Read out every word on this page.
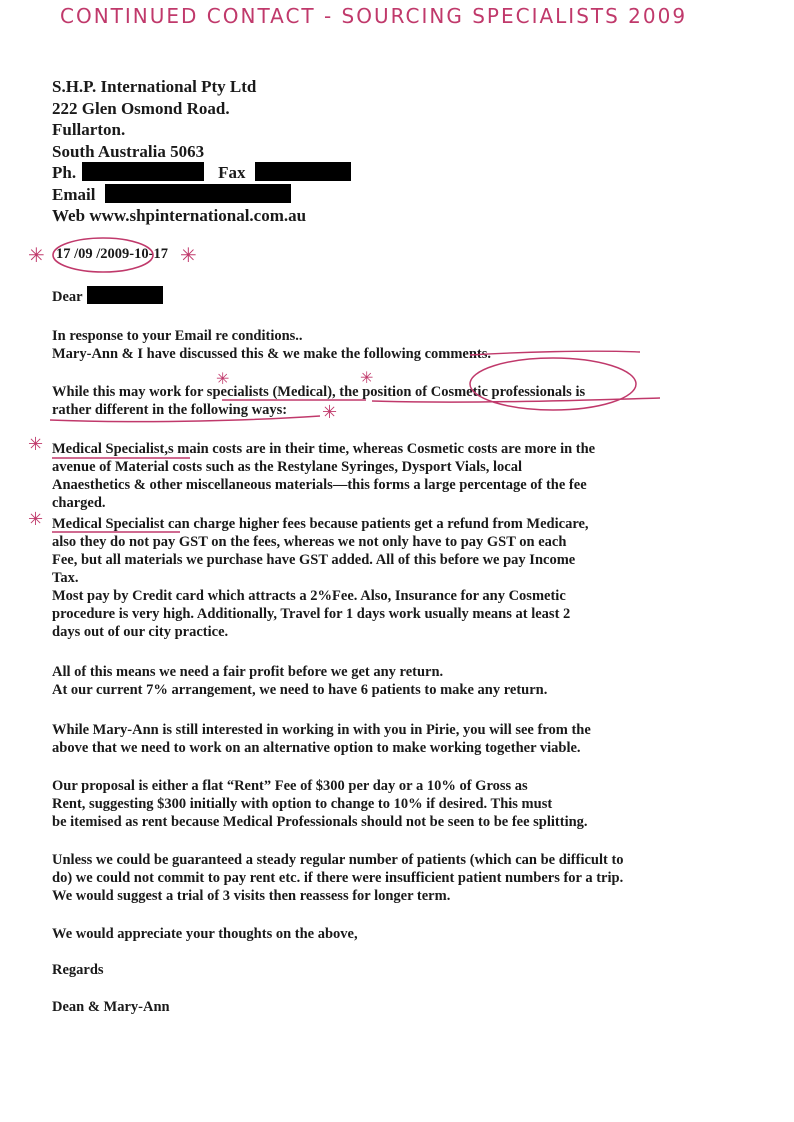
CONTINUED CONTACT - SOURCING SPECIALISTS 2009
S.H.P. International Pty Ltd
222 Glen Osmond Road.
Fullarton.
South Australia 5063
Ph.	Fax
Email
Web www.shpinternational.com.au
17 /09 /2009-10-17
✳	✳
Dear
In response to your Email re conditions..
Mary-Ann & I have discussed this & we make the following comments.
While this may work for specialists (Medical), the position of Cosmetic professionals is
rather different in the following ways:
Medical Specialist,s main costs are in their time, whereas Cosmetic costs are more in the
avenue of Material costs such as the Restylane Syringes, Dysport Vials, local
Anaesthetics & other miscellaneous materials—this forms a large percentage of the fee
charged.
Medical Specialist can charge higher fees because patients get a refund from Medicare,
also they do not pay GST on the fees, whereas we not only have to pay GST on each
Fee, but all materials we purchase have GST added. All of this before we pay Income
Tax.
Most pay by Credit card which attracts a 2%Fee. Also, Insurance for any Cosmetic
procedure is very high. Additionally, Travel for 1 days work usually means at least 2
days out of our city practice.
All of this means we need a fair profit before we get any return.
At our current 7% arrangement, we need to have 6 patients to make any return.
While Mary-Ann is still interested in working in with you in Pirie, you will see from the
above that we need to work on an alternative option to make working together viable.
Our proposal is either a flat “Rent” Fee of $300 per day or a 10% of Gross as
Rent, suggesting $300 initially with option to change to 10% if desired. This must
be itemised as rent because Medical Professionals should not be seen to be fee splitting.
Unless we could be guaranteed a steady regular number of patients (which can be difficult to
do) we could not commit to pay rent etc. if there were insufficient patient numbers for a trip.
We would suggest a trial of 3 visits then reassess for longer term.
We would appreciate your thoughts on the above,
Regards
Dean & Mary-Ann
✳	✳
✳
✳
✳
